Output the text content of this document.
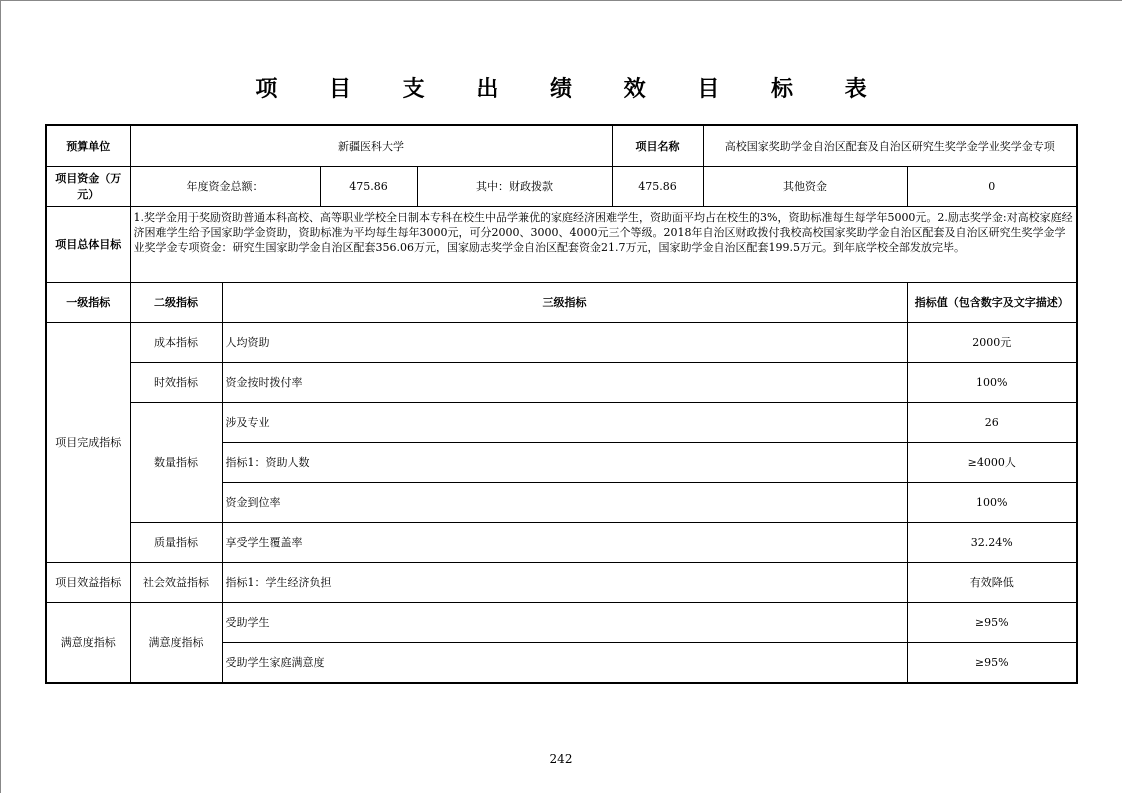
项 目 支 出 绩 效 目 标 表
预算单位	新疆医科大学				项目名称	高校国家奖助学金自治区配套及自治区研究生奖学金学业奖学金专项	
项目资金（万元）	年度资金总额：		475.86	其中：财政拨款	475.86	其他资金	0
项目总体目标	1.奖学金用于奖励资助普通本科高校、高等职业学校全日制本专科在校生中品学兼优的家庭经济困难学生，资助面平均占在校生的3%，资助标准每生每学年5000元。2.励志奖学金:对高校家庭经济困难学生给予国家助学金资助，资助标准为平均每生每年3000元，可分2000、3000、4000元三个等级。2018年自治区财政拨付我校高校国家奖助学金自治区配套及自治区研究生奖学金学业奖学金专项资金：研究生国家助学金自治区配套356.06万元，国家励志奖学金自治区配套资金21.7万元，国家助学金自治区配套199.5万元。到年底学校全部发放完毕。						
一级指标	二级指标	三级指标					指标值（包含数字及文字描述）
项目完成指标	成本指标	人均资助					2000元
	时效指标	资金按时拨付率					100%
	数量指标	涉及专业					26
		指标1：资助人数					≥4000人
		资金到位率					100%
	质量指标	享受学生覆盖率					32.24%
项目效益指标	社会效益指标	指标1：学生经济负担					有效降低
满意度指标	满意度指标	受助学生					≥95%
		受助学生家庭满意度					≥95%
242
